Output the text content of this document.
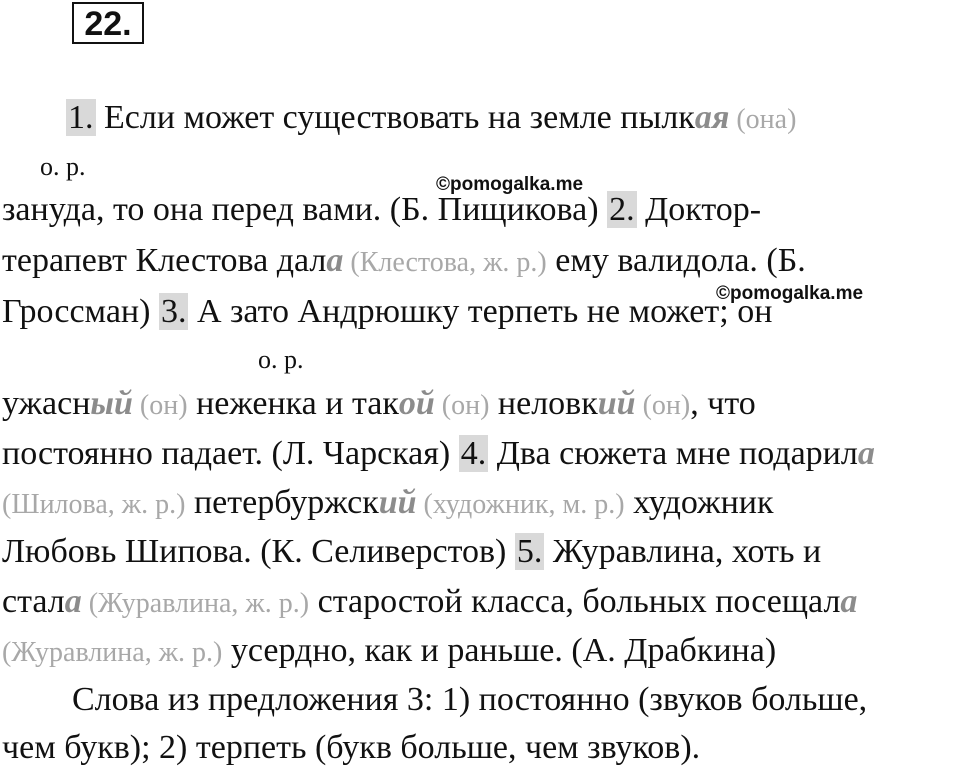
22.
1. Если может существовать на земле пылкая (она)
о. р.
©pomogalka.me
зануда, то она перед вами. (Б. Пищикова) 2. Доктор-
терапевт Клестова дала (Клестова, ж. р.) ему валидола. (Б.
©pomogalka.me
Гроссман) 3. А зато Андрюшку терпеть не может; он
о. р.
ужасный (он) неженка и такой (он) неловкий (он), что
постоянно падает. (Л. Чарская) 4. Два сюжета мне подарила
(Шилова, ж. р.) петербуржский (художник, м. р.) художник
Любовь Шипова. (К. Селиверстов) 5. Журавлина, хоть и
стала (Журавлина, ж. р.) старостой класса, больных посещала
(Журавлина, ж. р.) усердно, как и раньше. (А. Драбкина)
Слова из предложения 3: 1) постоянно (звуков больше,
чем букв); 2) терпеть (букв больше, чем звуков).
